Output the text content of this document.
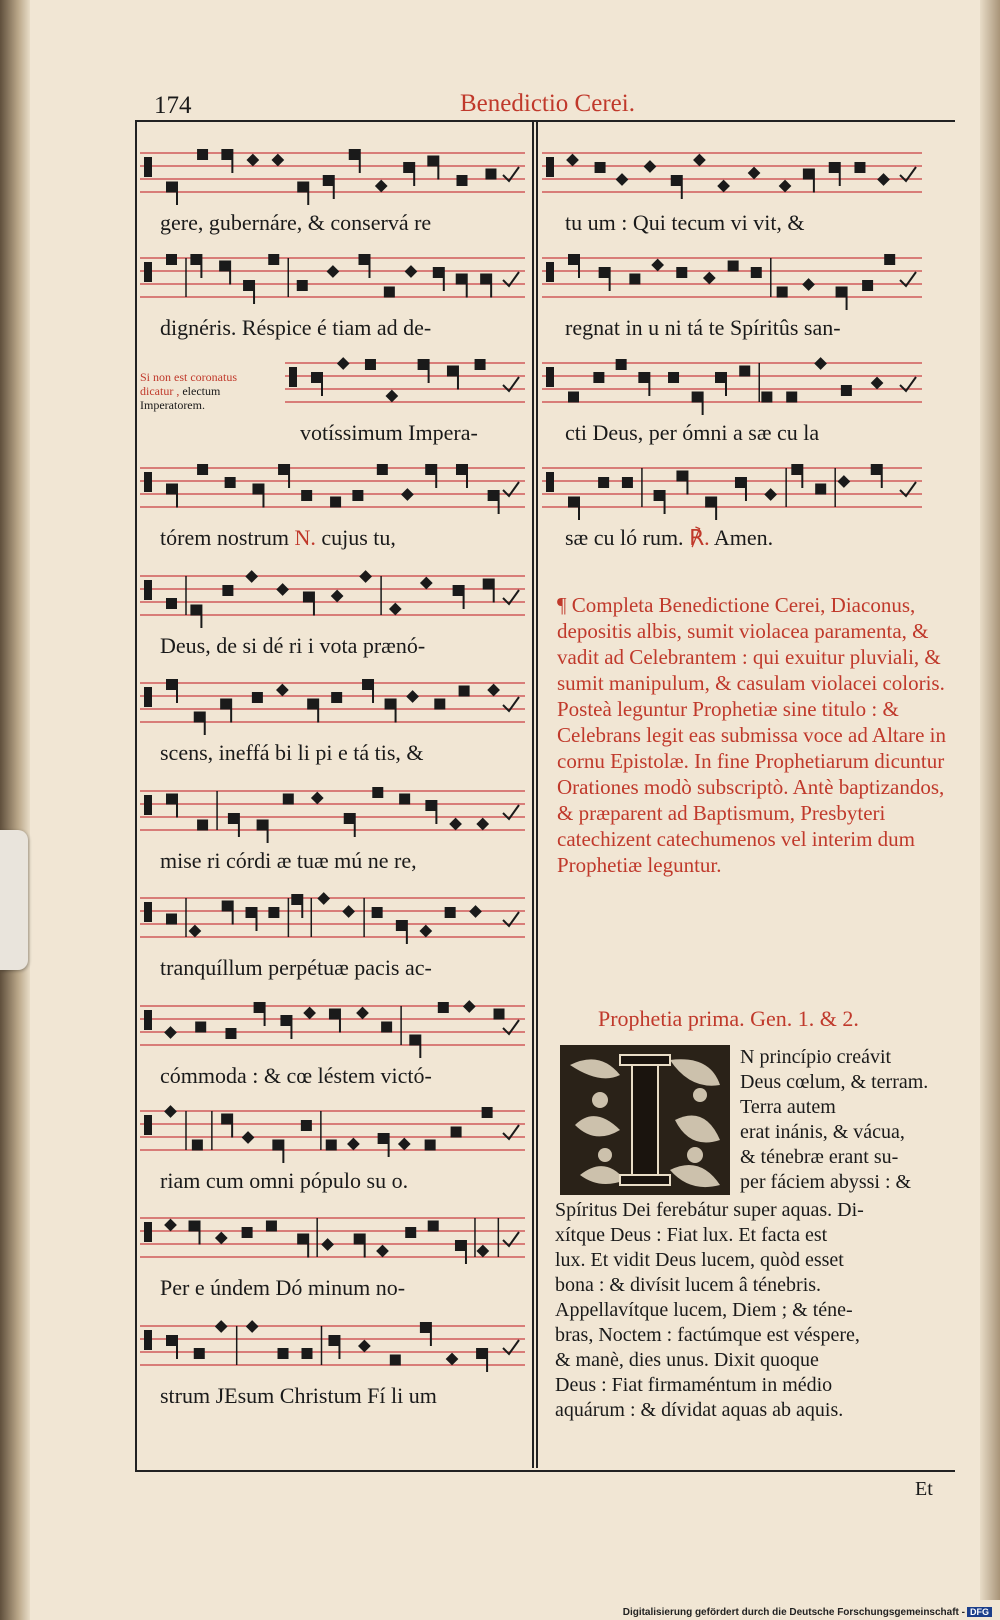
174	Benedictio Cerei.
gere, gubernáre, & conservá re
dignéris. Réspice é tiam ad de-
votíssimum Impera-
tórem nostrum N. cujus tu,
Deus, de si dé ri i vota prænó-
scens, ineffá bi li pi e tá tis, &
mise ri córdi æ tuæ mú ne re,
tranquíllum perpétuæ pacis ac-
cómmoda : & cœ léstem victó-
riam cum omni pópulo su o.
Per e úndem Dó minum no-
strum JEsum Christum Fí li um
tu um : Qui tecum vi vit, &
regnat in u ni tá te Spíritûs san-
cti Deus, per ómni a sæ cu la
sæ cu ló rum. ℟. Amen.
Si non est coronatus
dicatur , electum
Imperatorem.
¶ Completa Benedictione Cerei, Diaconus, depositis albis, sumit violacea paramenta, & vadit ad Celebrantem : qui exuitur pluviali, & sumit manipulum, & casulam violacei coloris. Posteà leguntur Prophetiæ sine titulo : & Celebrans legit eas submissa voce ad Altare in cornu Epistolæ. In fine Prophetiarum dicuntur Orationes modò subscriptò. Antè baptizandos, & præparent ad Baptismum, Presbyteri catechizent catechumenos vel interim dum Prophetiæ leguntur.
Prophetia prima. Gen. 1. & 2.
N princípio creávit
Deus cœlum, & terram. Terra autem
erat inánis, & vácua,
& ténebræ erant su-
per fáciem abyssi : &
Spíritus Dei ferebátur super aquas. Di-
xítque Deus : Fiat lux. Et facta est
lux. Et vidit Deus lucem, quòd esset
bona : & divísit lucem â ténebris.
Appellavítque lucem, Diem ; & téne-
bras, Noctem : factúmque est véspere,
& manè, dies unus. Dixit quoque
Deus : Fiat firmaméntum in médio
aquárum : & dívidat aquas ab aquis.
Et
Digitalisierung gefördert durch die Deutsche Forschungsgemeinschaft - DFG
